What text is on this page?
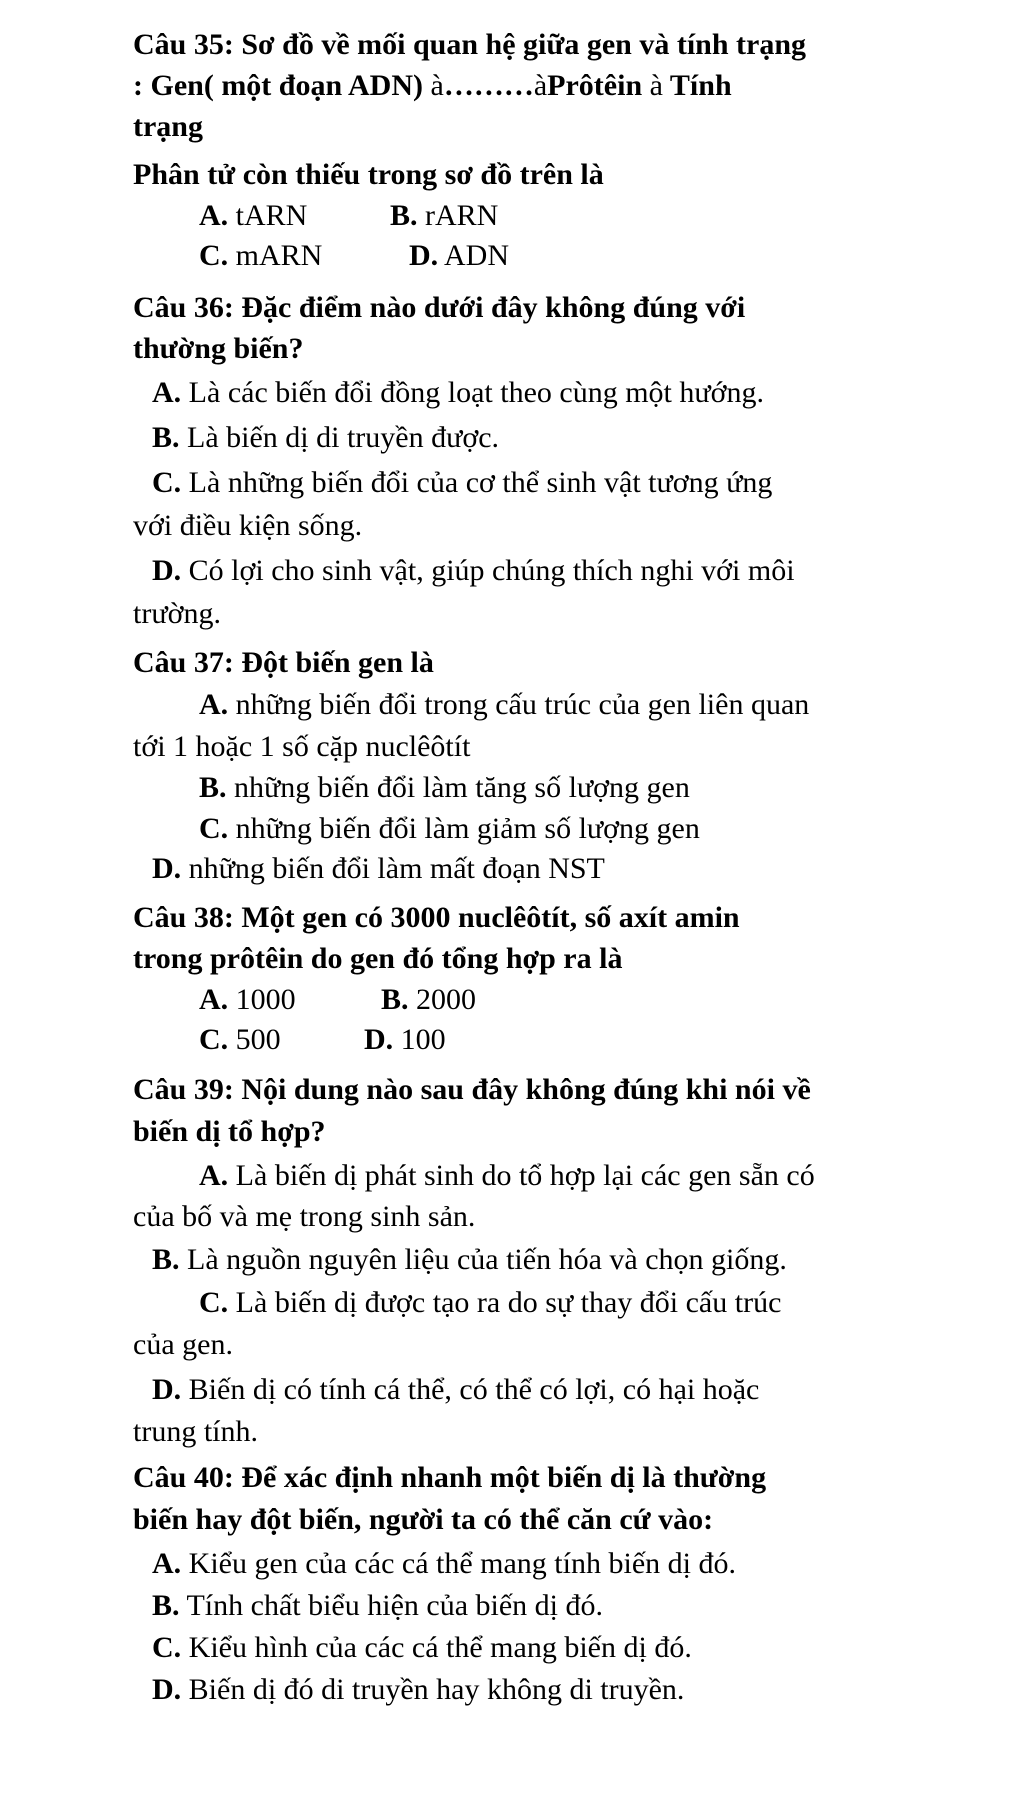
Câu 35: Sơ đồ về mối quan hệ giữa gen và tính trạng
: Gen( một đoạn ADN) à………àPrôtêin à Tính
trạng
Phân tử còn thiếu trong sơ đồ trên là
A. tARN	B. rARN
C. mARN	D. ADN
Câu 36: Đặc điểm nào dưới đây không đúng với
thường biến?
A. Là các biến đổi đồng loạt theo cùng một hướng.
B. Là biến dị di truyền được.
C. Là những biến đổi của cơ thể sinh vật tương ứng
với điều kiện sống.
D. Có lợi cho sinh vật, giúp chúng thích nghi với môi
trường.
Câu 37: Đột biến gen là
A. những biến đổi trong cấu trúc của gen liên quan
tới 1 hoặc 1 số cặp nuclêôtít
B. những biến đổi làm tăng số lượng gen
C. những biến đổi làm giảm số lượng gen
D. những biến đổi làm mất đoạn NST
Câu 38: Một gen có 3000 nuclêôtít, số axít amin
trong prôtêin do gen đó tổng hợp ra là
A. 1000	B. 2000
C. 500	D. 100
Câu 39: Nội dung nào sau đây không đúng khi nói về
biến dị tổ hợp?
A. Là biến dị phát sinh do tổ hợp lại các gen sẵn có
của bố và mẹ trong sinh sản.
B. Là nguồn nguyên liệu của tiến hóa và chọn giống.
C. Là biến dị được tạo ra do sự thay đổi cấu trúc
của gen.
D. Biến dị có tính cá thể, có thể có lợi, có hại hoặc
trung tính.
Câu 40: Để xác định nhanh một biến dị là thường
biến hay đột biến, người ta có thể căn cứ vào:
A. Kiểu gen của các cá thể mang tính biến dị đó.
B. Tính chất biểu hiện của biến dị đó.
C. Kiểu hình của các cá thể mang biến dị đó.
D. Biến dị đó di truyền hay không di truyền.
